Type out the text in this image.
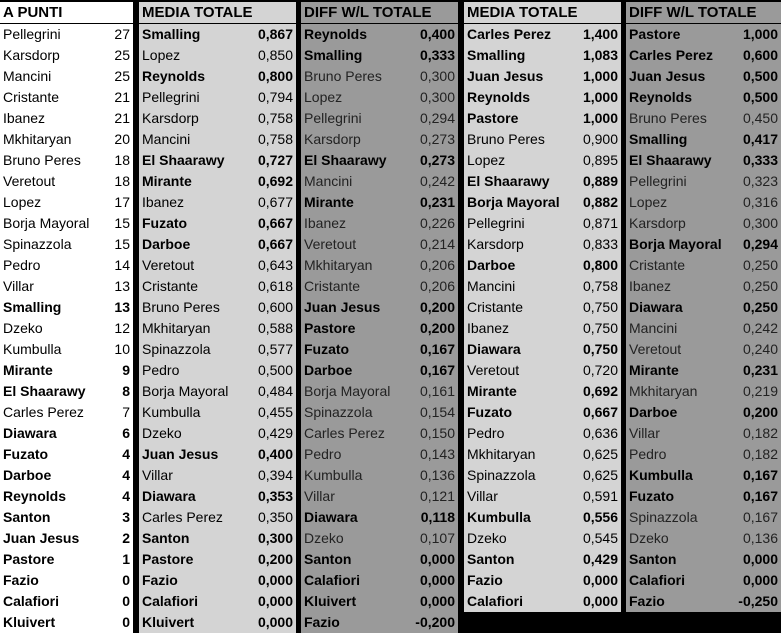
A PUNTI
Pellegrini	27
Karsdorp	25
Mancini	25
Cristante	21
Ibanez	21
Mkhitaryan	20
Bruno Peres 18
Veretout	18
Lopez	17
Borja Mayoral 15
Spinazzola	15
Pedro	14
Villar	13
Smalling	13
Dzeko	12
Kumbulla	10
Mirante	9
El Shaarawy	8
Carles Perez	7
Diawara	6
Fuzato	4
Darboe	4
Reynolds	4
Santon	3
Juan Jesus	2
Pastore	1
Fazio	0
Calafiori	0
Kluivert	0
MEDIA TOTALE
Smalling	0,867
Lopez	0,850
Reynolds	0,800
Pellegrini	0,794
Karsdorp	0,758
Mancini	0,758
El Shaarawy 0,727
Mirante	0,692
Ibanez	0,677
Fuzato	0,667
Darboe	0,667
Veretout	0,643
Cristante	0,618
Bruno Peres	0,600
Mkhitaryan	0,588
Spinazzola	0,577
Pedro	0,500
Borja Mayoral 0,484
Kumbulla	0,455
Dzeko	0,429
Juan Jesus	0,400
Villar	0,394
Diawara	0,353
Carles Perez	0,350
Santon	0,300
Pastore	0,200
Fazio	0,000
Calafiori	0,000
Kluivert	0,000
DIFF W/L TOTALE
Reynolds	0,400
Smalling	0,333
Bruno Peres	0,300
Lopez	0,300
Pellegrini	0,294
Karsdorp	0,273
El Shaarawy 0,273
Mancini	0,242
Mirante	0,231
Ibanez	0,226
Veretout	0,214
Mkhitaryan	0,206
Cristante	0,206
Juan Jesus	0,200
Pastore	0,200
Fuzato	0,167
Darboe	0,167
Borja Mayoral 0,161
Spinazzola	0,154
Carles Perez	0,150
Pedro	0,143
Kumbulla	0,136
Villar	0,121
Diawara	0,118
Dzeko	0,107
Santon	0,000
Calafiori	0,000
Kluivert	0,000
Fazio	-0,200
MEDIA TOTALE
Carles Perez 1,400
Smalling	1,083
Juan Jesus	1,000
Reynolds	1,000
Pastore	1,000
Bruno Peres	0,900
Lopez	0,895
El Shaarawy 0,889
Borja Mayoral 0,882
Pellegrini	0,871
Karsdorp	0,833
Darboe	0,800
Mancini	0,758
Cristante	0,750
Ibanez	0,750
Diawara	0,750
Veretout	0,720
Mirante	0,692
Fuzato	0,667
Pedro	0,636
Mkhitaryan	0,625
Spinazzola	0,625
Villar	0,591
Kumbulla	0,556
Dzeko	0,545
Santon	0,429
Fazio	0,000
Calafiori	0,000
DIFF W/L TOTALE
Pastore	1,000
Carles Perez 0,600
Juan Jesus	0,500
Reynolds	0,500
Bruno Peres	0,450
Smalling	0,417
El Shaarawy 0,333
Pellegrini	0,323
Lopez	0,316
Karsdorp	0,300
Borja Mayoral 0,294
Cristante	0,250
Ibanez	0,250
Diawara	0,250
Mancini	0,242
Veretout	0,240
Mirante	0,231
Mkhitaryan	0,219
Darboe	0,200
Villar	0,182
Pedro	0,182
Kumbulla	0,167
Fuzato	0,167
Spinazzola	0,167
Dzeko	0,136
Santon	0,000
Calafiori	0,000
Fazio	-0,250
